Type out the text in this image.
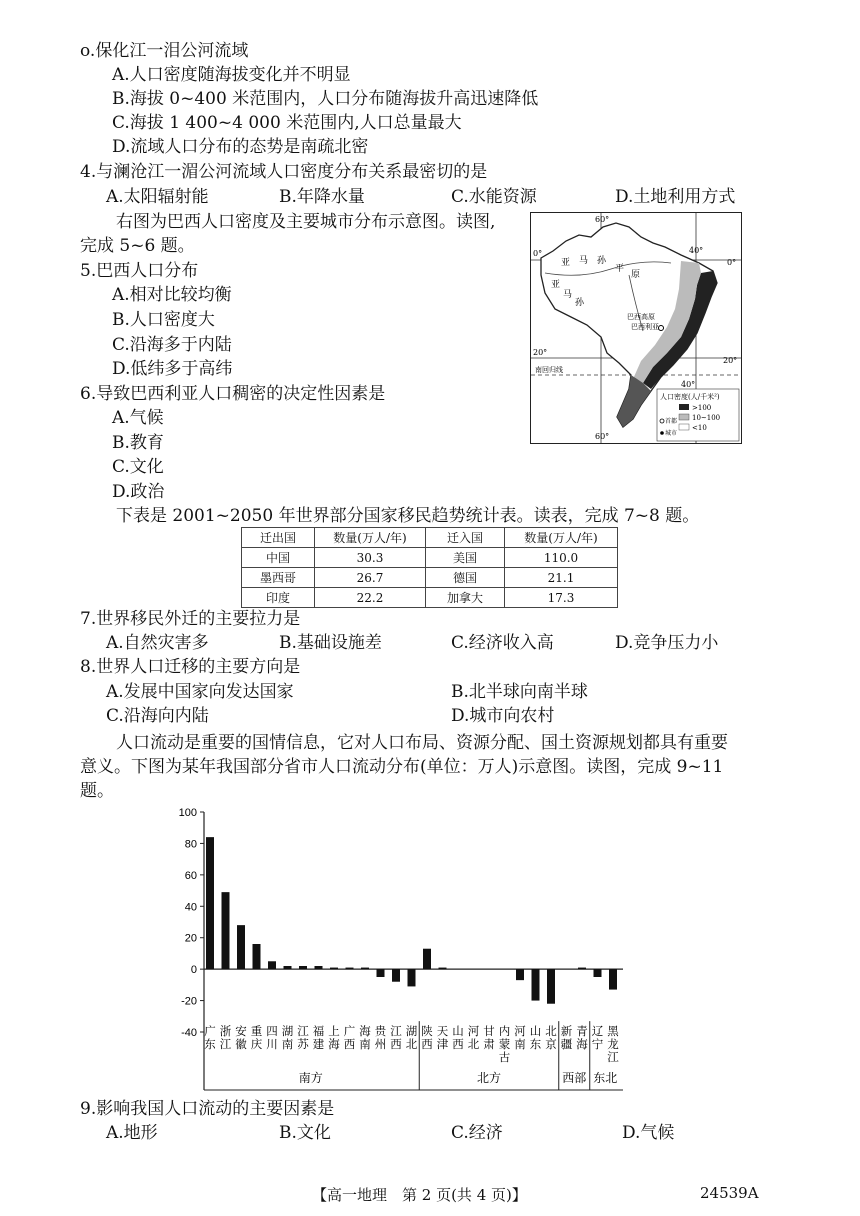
o.保化江一泪公河流域
A.人口密度随海拔变化并不明显
B.海拔 0~400 米范围内，人口分布随海拔升高迅速降低
C.海拔 1 400~4 000 米范围内,人口总量最大
D.流域人口分布的态势是南疏北密
4.与澜沧江一湄公河流域人口密度分布关系最密切的是
A.太阳辐射能	B.年降水量	C.水能资源	D.土地利用方式
右图为巴西人口密度及主要城市分布示意图。读图,
完成 5~6 题。
5.巴西人口分布
A.相对比较均衡
B.人口密度大
C.沿海多于内陆
D.低纬多于高纬
6.导致巴西利亚人口稠密的决定性因素是
A.气候
B.教育
C.文化
D.政治
60°
40°
0°
0°
20°
20°
40°
60°
亚 马 孙
平
原
亚
马
孙
巴西高原
巴西利亚
南回归线
人口密度(人/千米²)
>100
10~100
<10
首都
城市
下表是 2001~2050 年世界部分国家移民趋势统计表。读表，完成 7~8 题。
迁出国	数量(万人/年)	迁入国	数量(万人/年)
中国	30.3	美国	110.0
墨西哥	26.7	德国	21.1
印度	22.2	加拿大	17.3
7.世界移民外迁的主要拉力是
A.自然灾害多	B.基础设施差	C.经济收入高	D.竞争压力小
8.世界人口迁移的主要方向是
A.发展中国家向发达国家	B.北半球向南半球
C.沿海向内陆	D.城市向农村
人口流动是重要的国情信息，它对人口布局、资源分配、国土资源规划都具有重要
意义。下图为某年我国部分省市人口流动分布(单位：万人)示意图。读图，完成 9~11
题。
100
80
60
40
20
0
-20
-40 广东
浙江
安徽
重庆
四川
湖南
江苏
福建
上海
广西
海南
贵州
江西
湖北
陕西
天津
山西
河北
甘肃
内蒙古
河南
山东
北京
新疆
青海
辽宁
黑龙江
南方	北方	西部 东北
9.影响我国人口流动的主要因素是
A.地形	B.文化	C.经济	D.气候
【高一地理　第 2 页(共 4 页)】	24539A
